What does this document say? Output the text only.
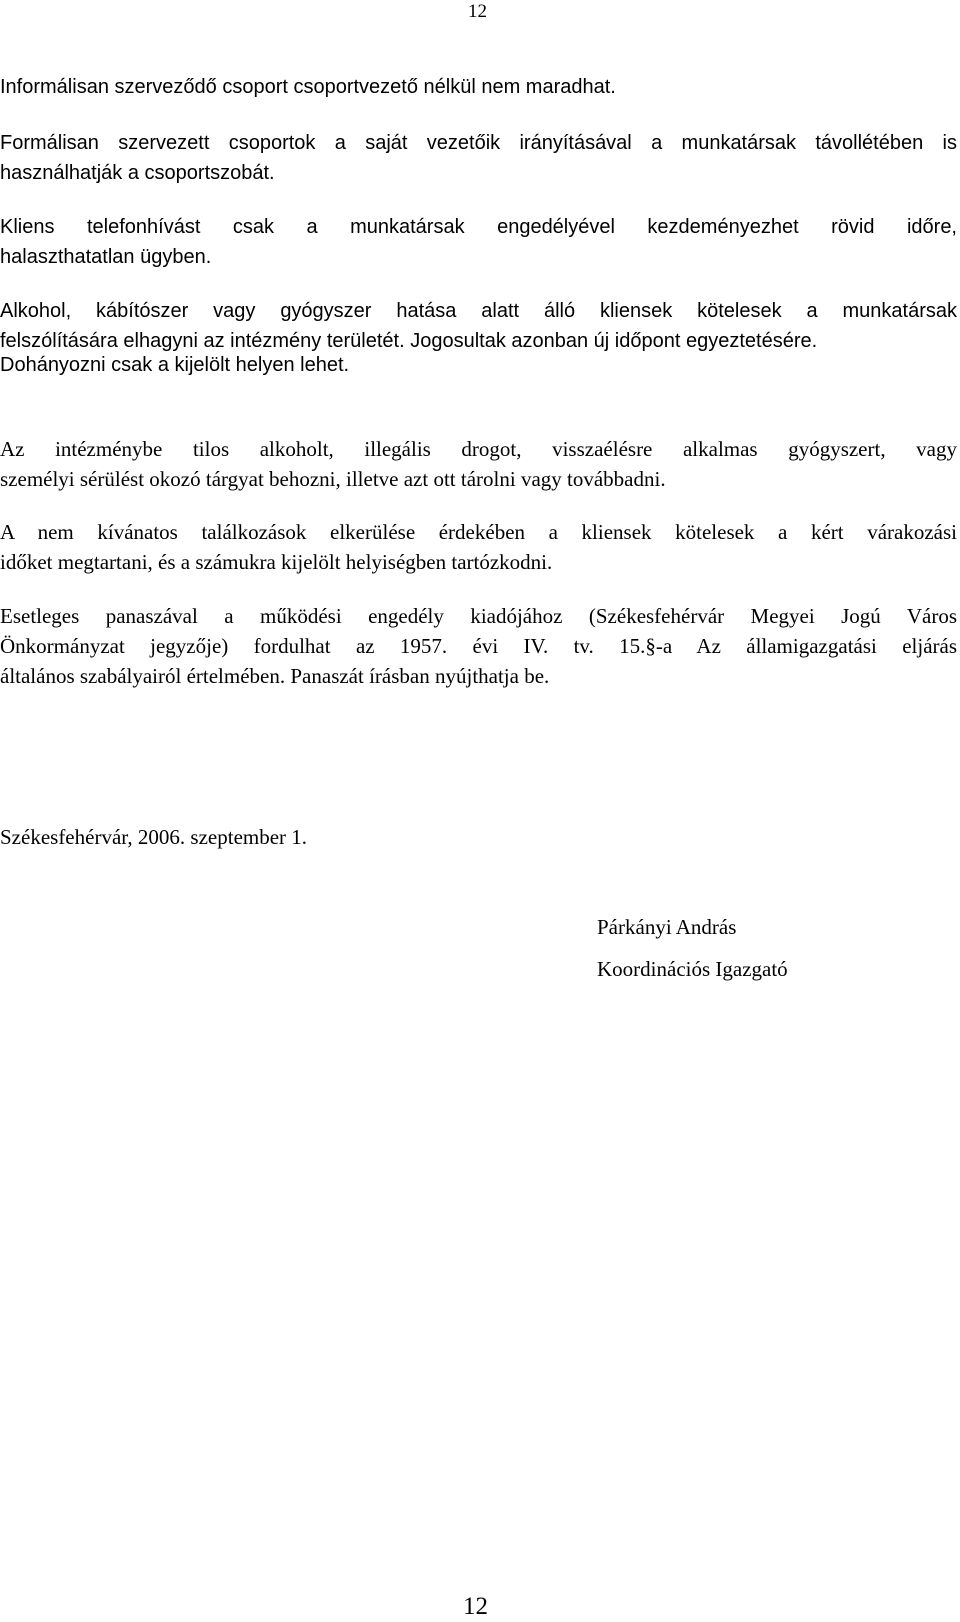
12
Informálisan szerveződő csoport csoportvezető nélkül nem maradhat.
Formálisan szervezett csoportok a saját vezetőik irányításával a munkatársak távollétében is
használhatják a csoportszobát.
Kliens telefonhívást csak a munkatársak engedélyével kezdeményezhet rövid időre,
halaszthatatlan ügyben.
Alkohol, kábítószer vagy gyógyszer hatása alatt álló kliensek kötelesek a munkatársak
felszólítására elhagyni az intézmény területét. Jogosultak azonban új időpont egyeztetésére.
Dohányozni csak a kijelölt helyen lehet.
Az intézménybe tilos alkoholt, illegális drogot, visszaélésre alkalmas gyógyszert, vagy
személyi sérülést okozó tárgyat behozni, illetve azt ott tárolni vagy továbbadni.
A nem kívánatos találkozások elkerülése érdekében a kliensek kötelesek a kért várakozási
időket megtartani, és a számukra kijelölt helyiségben tartózkodni.
Esetleges panaszával a működési engedély kiadójához (Székesfehérvár Megyei Jogú Város
Önkormányzat jegyzője) fordulhat az 1957. évi IV. tv. 15.§-a Az államigazgatási eljárás
általános szabályairól értelmében. Panaszát írásban nyújthatja be.
Székesfehérvár, 2006. szeptember 1.
Párkányi András
Koordinációs Igazgató
12
